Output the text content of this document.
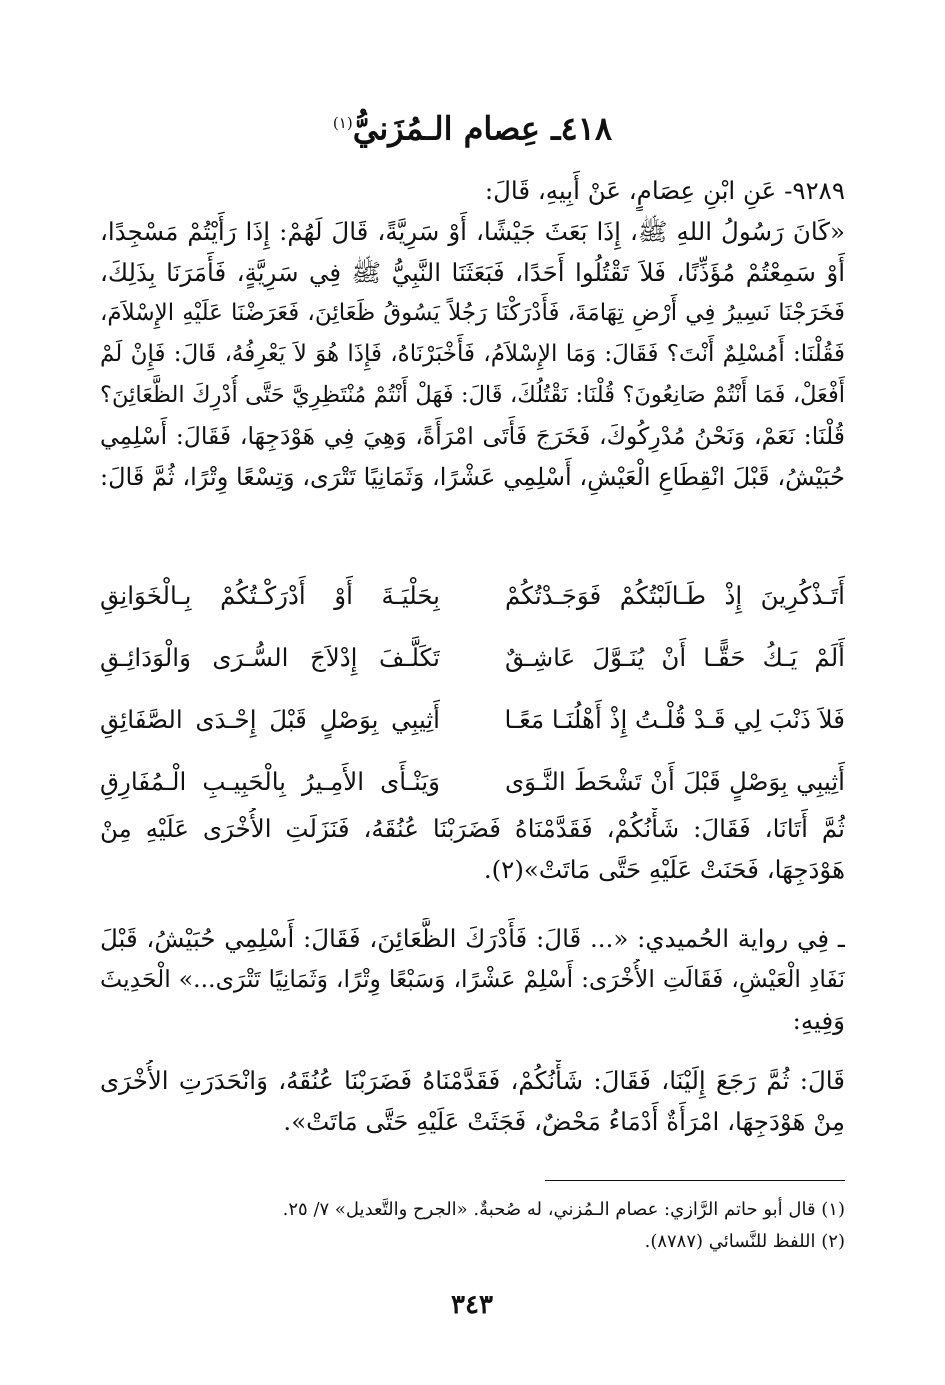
٤١٨ـ عِصام الـمُزَنيُّ$^{(١)}$
٩٢٨٩- عَنِ ابْنِ عِصَامٍ، عَنْ أَبِيهِ، قَالَ:
«كَانَ رَسُولُ اللهِ ﷺ، إِذَا بَعَثَ جَيْشًا، أَوْ سَرِيَّةً، قَالَ لَهُمْ: إِذَا رَأَيْتُمْ مَسْجِدًا،
أَوْ سَمِعْتُمْ مُؤَذِّنًا، فَلاَ تَقْتُلُوا أَحَدًا، فَبَعَثَنَا النَّبِيُّ ﷺ فِي سَرِيَّةٍ، فَأَمَرَنَا بِذَلِكَ،
فَخَرَجْنَا نَسِيرُ فِي أَرْضِ تِهَامَةَ، فَأَدْرَكْنَا رَجُلاً يَسُوقُ ظَعَائِنَ، فَعَرَضْنَا عَلَيْهِ الإِسْلاَمَ،
فَقُلْنَا: أَمُسْلِمٌ أَنْتَ؟ فَقَالَ: وَمَا الإِسْلاَمُ، فَأَخْبَرْنَاهُ، فَإِذَا هُوَ لاَ يَعْرِفُهُ، قَالَ: فَإِنْ لَمْ
أَفْعَلْ، فَمَا أَنْتُمْ صَانِعُونَ؟ قُلْنَا: نَقْتُلُكَ، قَالَ: فَهَلْ أَنْتُمْ مُنْتَظِرِيَّ حَتَّى أُدْرِكَ الظَّعَائِنَ؟
قُلْنَا: نَعَمْ، وَنَحْنُ مُدْرِكُوكَ، فَخَرَجَ فَأَتَى امْرَأَةً، وَهِيَ فِي هَوْدَجِهَا، فَقَالَ: أَسْلِمِي
حُبَيْشُ، قَبْلَ انْقِطَاعِ الْعَيْشِ، أَسْلِمِي عَشْرًا، وَثَمَانِيًا تَتْرَى، وَتِسْعًا وِتْرًا، ثُمَّ قَالَ:
أَتَـذْكُرِينَ إِذْ طَـالَبْتُكُمْ فَوَجَـدْتُكُمْ
بِحَلْيَـةَ أَوْ أَدْرَكْـتُكُمْ بِـالْخَوَانِقِ
أَلَمْ يَـكُ حَقًّـا أَنْ يُنَـوَّلَ عَاشِـقٌ
تَكَلَّـفَ إِدْلاَجَ السُّـرَى وَالْوَدَائِـقِ
فَلاَ ذَنْبَ لِي قَـدْ قُلْـتُ إِذْ أَهْلُنَـا مَعًـا
أَثِيبِي بِوَصْلٍ قَبْلَ إِحْـدَى الصَّفَائِقِ
أَثِيبِي بِوَصْلٍ قَبْلَ أَنْ تَشْحَطَ النَّـوَى
وَيَنْـأَى الأَمِـيرُ بِالْحَبِيـبِ الْـمُفَارِقِ
ثُمَّ أَتَانَا، فَقَالَ: شَأْنُكُمْ، فَقَدَّمْنَاهُ فَضَرَبْنَا عُنُقَهُ، فَنَزَلَتِ الأُخْرَى عَلَيْهِ مِنْ
هَوْدَجِهَا، فَحَنَتْ عَلَيْهِ حَتَّى مَاتَتْ»(٢).
ـ فِي رواية الحُميدي: «... قَالَ: فَأَدْرَكَ الظَّعَائِنَ، فَقَالَ: أَسْلِمِي حُبَيْشُ، قَبْلَ
نَفَادِ الْعَيْشِ، فَقَالَتِ الأُخْرَى: أَسْلِمْ عَشْرًا، وَسَبْعًا وِتْرًا، وَثَمَانِيًا تَتْرَى...» الْحَدِيثَ
وَفِيهِ:
قَالَ: ثُمَّ رَجَعَ إِلَيْنَا، فَقَالَ: شَأْنُكُمْ، فَقَدَّمْنَاهُ فَضَرَبْنَا عُنُقَهُ، وَانْحَدَرَتِ الأُخْرَى
مِنْ هَوْدَجِهَا، امْرَأَةٌ أَدْمَاءُ مَحْضٌ، فَجَثَتْ عَلَيْهِ حَتَّى مَاتَتْ».
(١) قال أبو حاتم الرَّازي: عصام الـمُزني، له صُحبةٌ. «الجرح والتَّعديل» ٧/ ٢٥.
(٢) اللفظ للنَّسائي (٨٧٨٧).
٣٤٣
